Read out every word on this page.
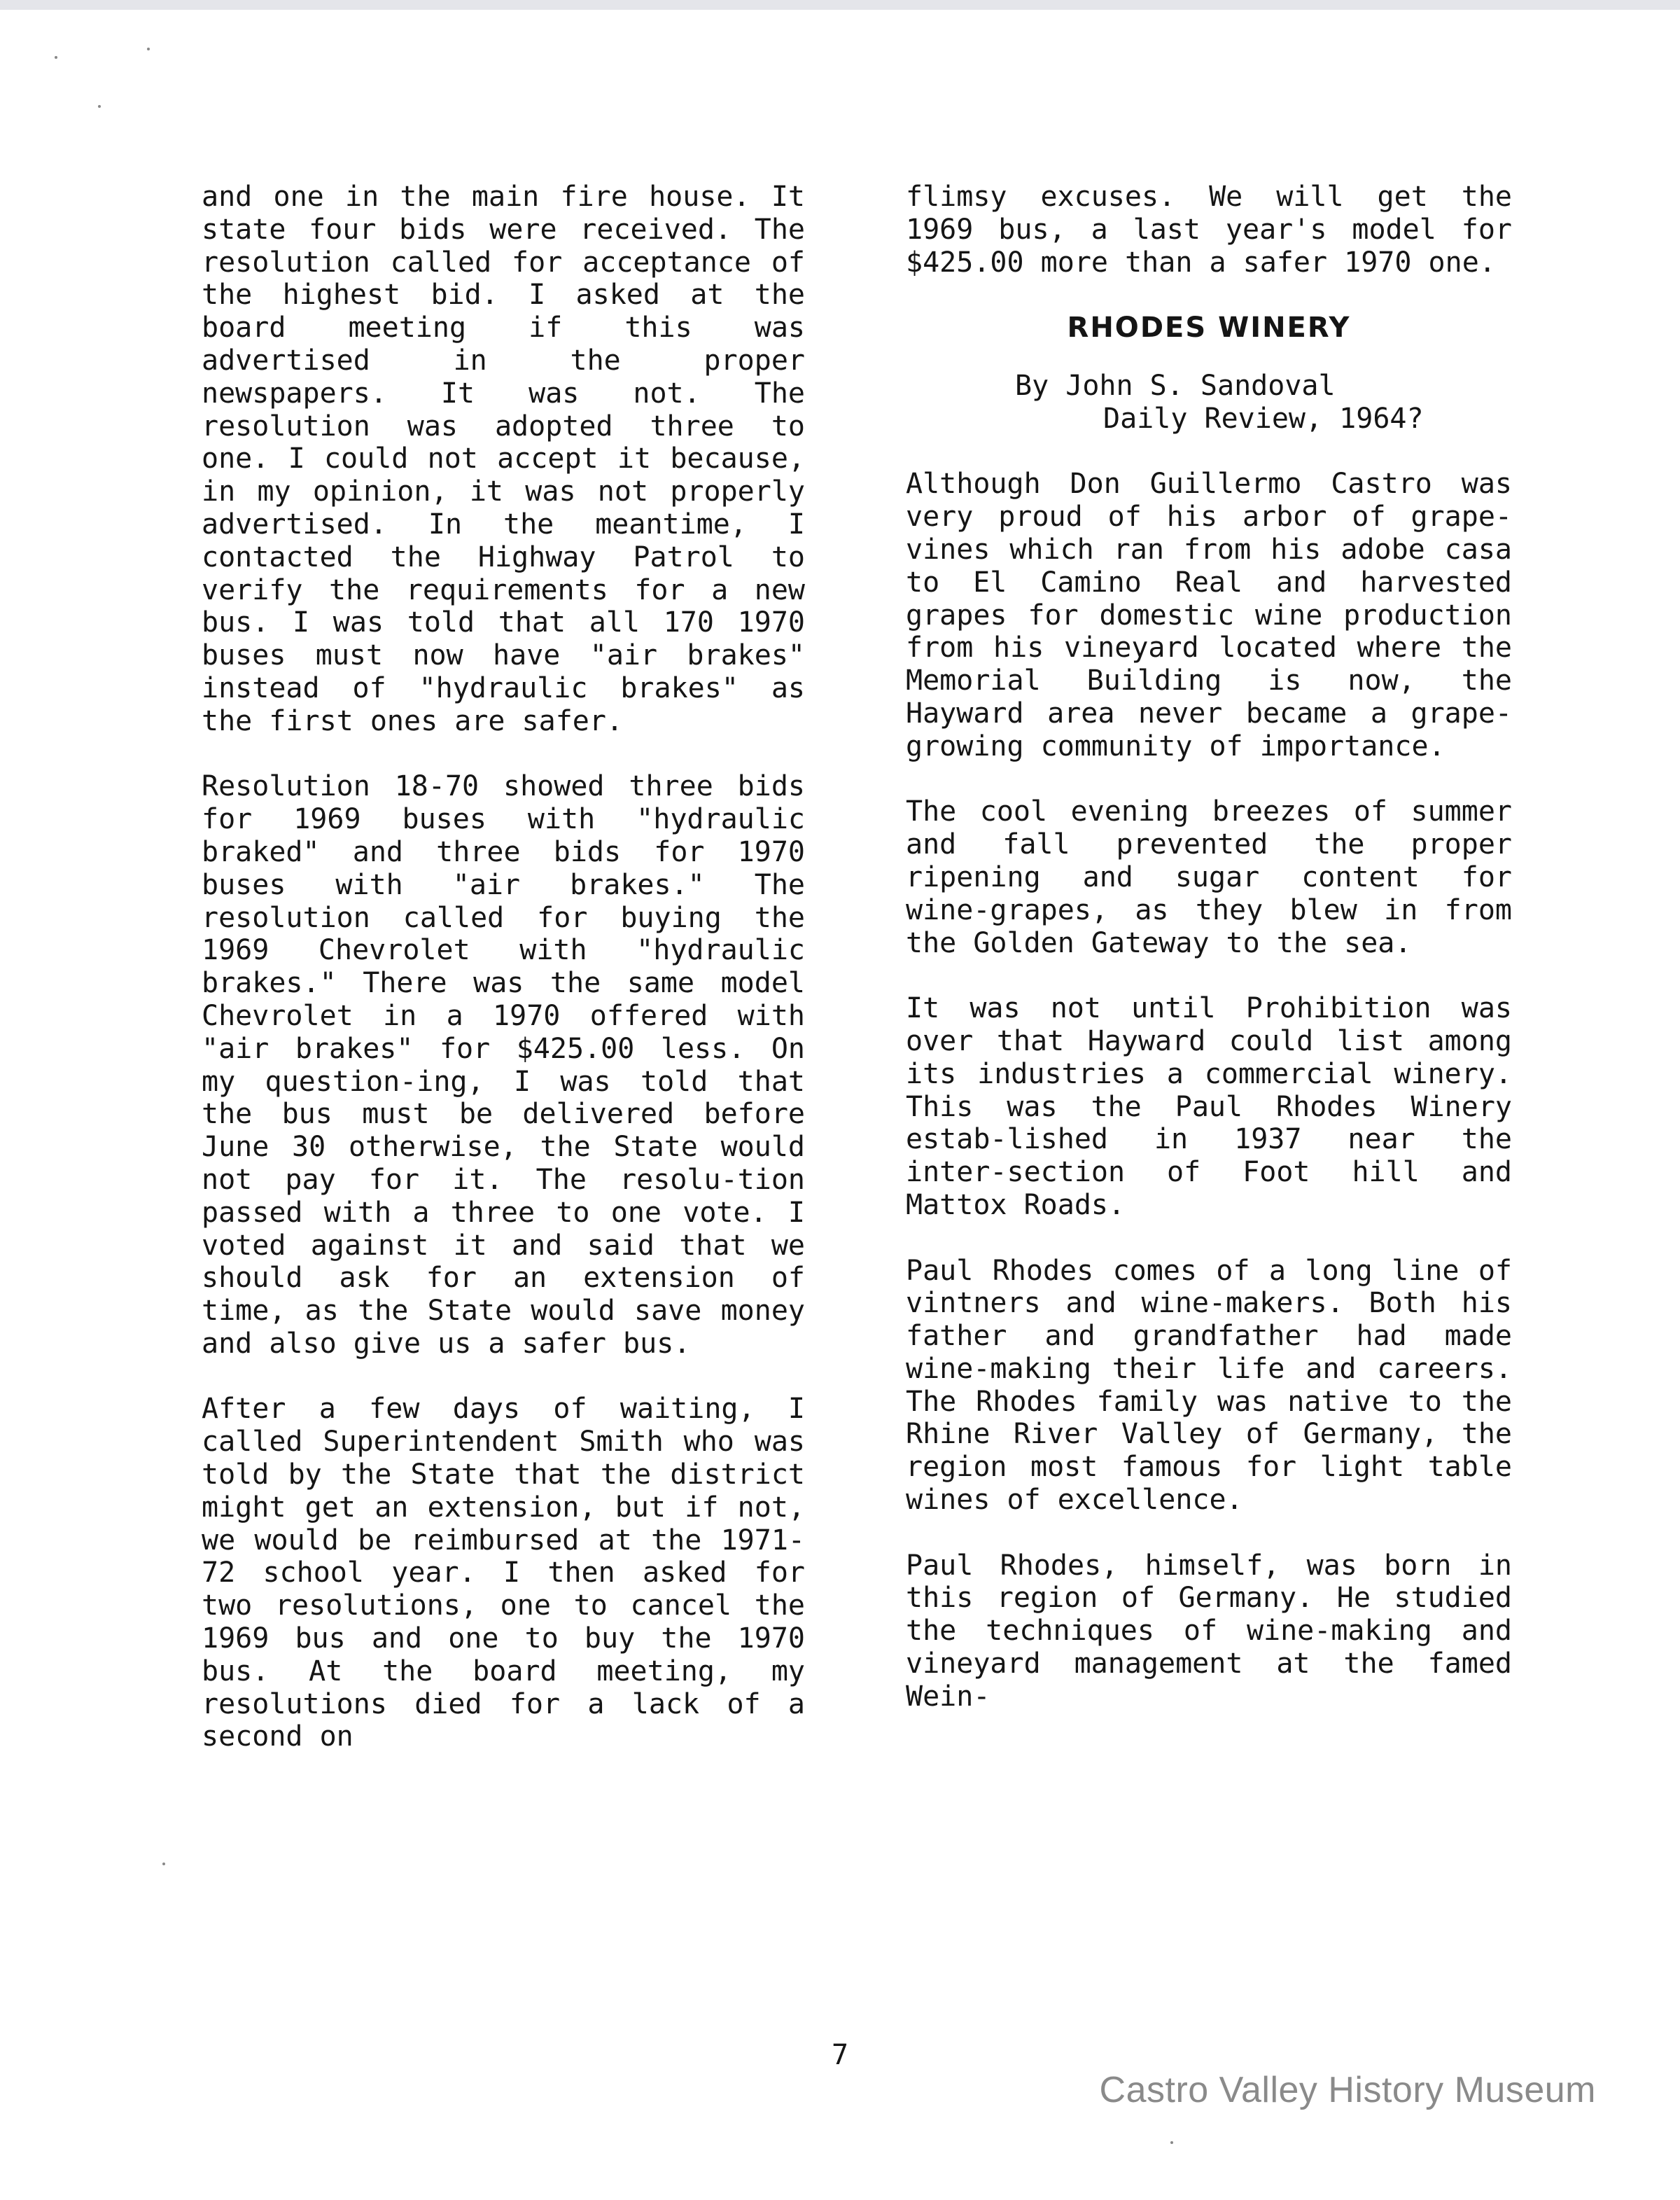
and one in the main fire house. It state four bids were received. The resolution called for acceptance of the highest bid. I asked at the board meeting if this was advertised in the proper newspapers. It was not. The resolution was adopted three to one. I could not accept it because, in my opinion, it was not properly advertised. In the meantime, I contacted the Highway Patrol to verify the requirements for a new bus. I was told that all 170 1970 buses must now have "air brakes" instead of "hydraulic brakes" as the first ones are safer.

Resolution 18-70 showed three bids for 1969 buses with "hydraulic braked" and three bids for 1970 buses with "air brakes." The resolution called for buying the 1969 Chevrolet with "hydraulic brakes." There was the same model Chevrolet in a 1970 offered with "air brakes" for $425.00 less. On my question-ing, I was told that the bus must be delivered before June 30 otherwise, the State would not pay for it. The resolu-tion passed with a three to one vote. I voted against it and said that we should ask for an extension of time, as the State would save money and also give us a safer bus.

After a few days of waiting, I called Superintendent Smith who was told by the State that the district might get an extension, but if not, we would be reimbursed at the 1971-72 school year. I then asked for two resolutions, one to cancel the 1969 bus and one to buy the 1970 bus. At the board meeting, my resolutions died for a lack of a second on

flimsy excuses. We will get the 1969 bus, a last year's model for $425.00 more than a safer 1970 one.

RHODES WINERY
By John S. Sandoval
Daily Review, 1964?

Although Don Guillermo Castro was very proud of his arbor of grape-vines which ran from his adobe casa to El Camino Real and harvested grapes for domestic wine production from his vineyard located where the Memorial Building is now, the Hayward area never became a grape-growing community of importance.

The cool evening breezes of summer and fall prevented the proper ripening and sugar content for wine-grapes, as they blew in from the Golden Gateway to the sea.

It was not until Prohibition was over that Hayward could list among its industries a commercial winery. This was the Paul Rhodes Winery estab-lished in 1937 near the inter-section of Foot hill and Mattox Roads.

Paul Rhodes comes of a long line of vintners and wine-makers. Both his father and grandfather had made wine-making their life and careers. The Rhodes family was native to the Rhine River Valley of Germany, the region most famous for light table wines of excellence.

Paul Rhodes, himself, was born in this region of Germany. He studied the techniques of wine-making and vineyard management at the famed Wein-

7
Castro Valley History Museum
